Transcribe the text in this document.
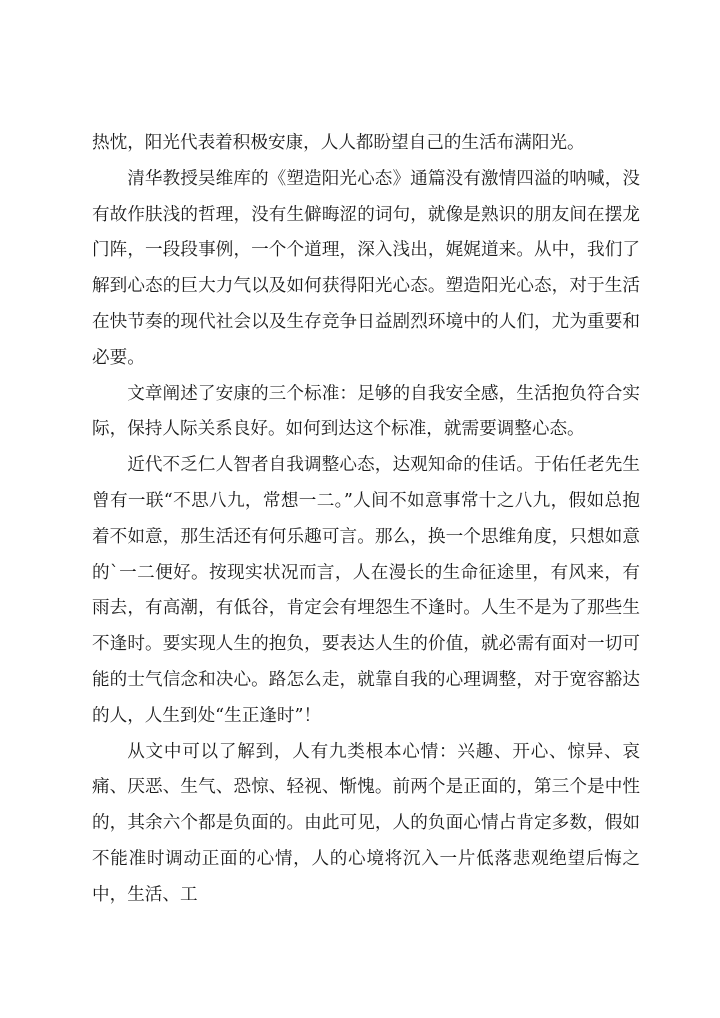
热忱，阳光代表着积极安康，人人都盼望自己的生活布满阳光。

清华教授吴维库的《塑造阳光心态》通篇没有激情四溢的呐喊，没有故作肤浅的哲理，没有生僻晦涩的词句，就像是熟识的朋友间在摆龙门阵，一段段事例，一个个道理，深入浅出，娓娓道来。从中，我们了解到心态的巨大力气以及如何获得阳光心态。塑造阳光心态，对于生活在快节奏的现代社会以及生存竞争日益剧烈环境中的人们，尤为重要和必要。

文章阐述了安康的三个标准：足够的自我安全感，生活抱负符合实际，保持人际关系良好。如何到达这个标准，就需要调整心态。

近代不乏仁人智者自我调整心态，达观知命的佳话。于佑任老先生曾有一联“不思八九，常想一二。”人间不如意事常十之八九，假如总抱着不如意，那生活还有何乐趣可言。那么，换一个思维角度，只想如意的`一二便好。按现实状况而言，人在漫长的生命征途里，有风来，有雨去，有高潮，有低谷，肯定会有埋怨生不逢时。人生不是为了那些生不逢时。要实现人生的抱负，要表达人生的价值，就必需有面对一切可能的士气信念和决心。路怎么走，就靠自我的心理调整，对于宽容豁达的人，人生到处“生正逢时”！

从文中可以了解到，人有九类根本心情：兴趣、开心、惊异、哀痛、厌恶、生气、恐惊、轻视、惭愧。前两个是正面的，第三个是中性的，其余六个都是负面的。由此可见，人的负面心情占肯定多数，假如不能准时调动正面的心情，人的心境将沉入一片低落悲观绝望后悔之中，生活、工
